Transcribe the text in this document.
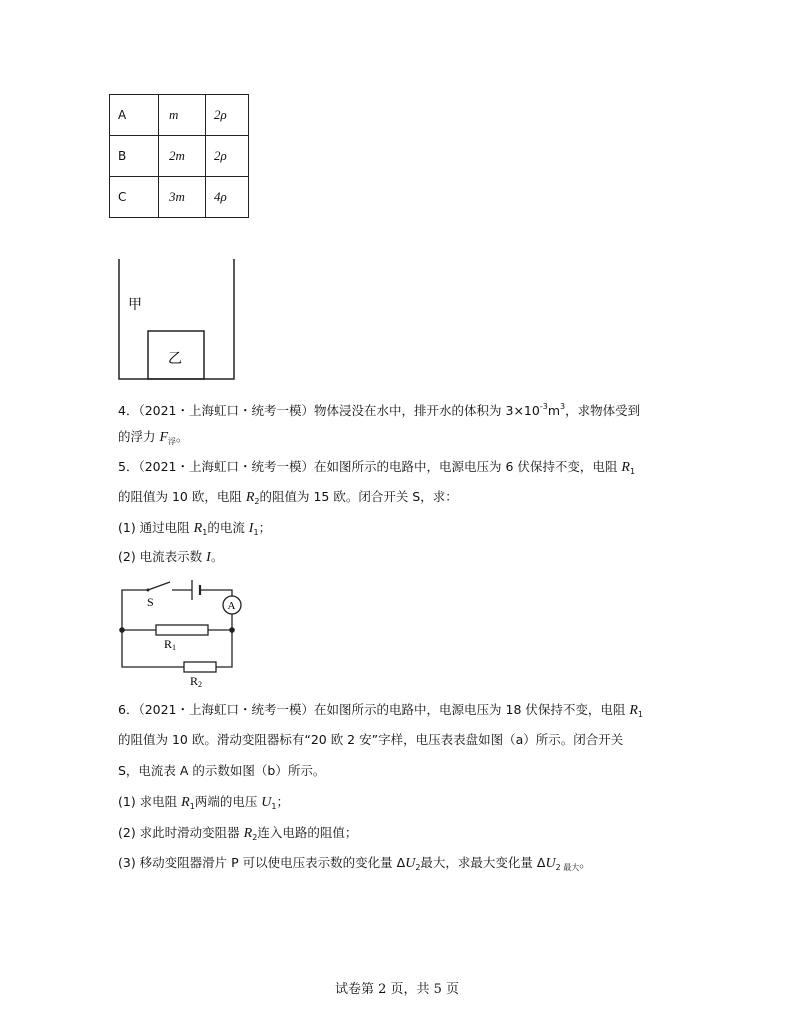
A	m	2ρ
B	2m	2ρ
C	3m	4ρ
甲
乙
4．（2021・上海虹口・统考一模）物体浸没在水中，排开水的体积为 $3\times 10^{-3}m^3$，求物体受到
的浮力 $F_浮$。
5．（2021・上海虹口・统考一模）在如图所示的电路中，电源电压为 6 伏保持不变，电阻 $R_1$
的阻值为 10 欧，电阻 $R_2$的阻值为 15 欧。闭合开关 S，求：
(1) 通过电阻 $R_1$的电流 $I_1$；
(2) 电流表示数 I。
S	A
R1
R2
6．（2021・上海虹口・统考一模）在如图所示的电路中，电源电压为 18 伏保持不变，电阻 $R_1$
的阻值为 10 欧。滑动变阻器标有“20 欧 2 安”字样，电压表表盘如图（a）所示。闭合开关
S，电流表 A 的示数如图（b）所示。
(1) 求电阻 $R_1$两端的电压 $U_1$；
(2) 求此时滑动变阻器 $R_2$连入电路的阻值；
(3) 移动变阻器滑片 P 可以使电压表示数的变化量 $\Delta U_2$最大，求最大变化量 $\Delta U_{2 最大}$。
试卷第 2 页，共 5 页
